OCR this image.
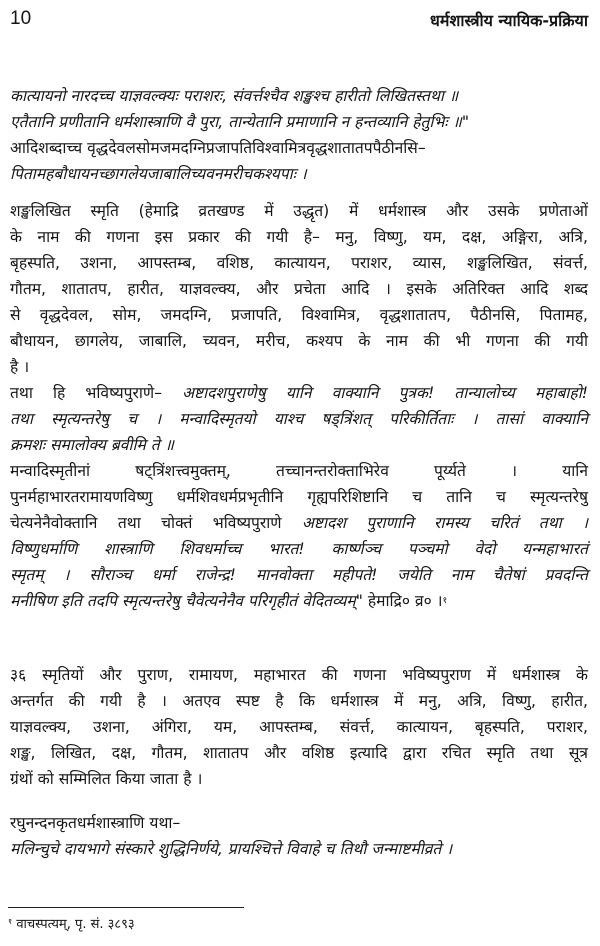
10	धर्मशास्त्रीय न्यायिक-प्रक्रिया
कात्यायनो नारदच्च याज्ञवल्क्यः पराशरः, संवर्त्तश्चैव शङ्खश्च हारीतो लिखितस्तथा ॥
एतैतानि प्रणीतानि धर्मशास्त्राणि वै पुरा, तान्येतानि प्रमाणानि न हन्तव्यानि हेतुभिः ॥"
आदिशब्दाच्च वृद्धदेवलसोमजमदग्निप्रजापतिविश्वामित्रवृद्धशातातपपैठीनसि–
पितामहबौधायनच्छागलेयजाबालिच्यवनमरीचकश्यपाः ।
शङ्खलिखित स्मृति (हेमाद्रि व्रतखण्ड में उद्धृत) में धर्मशास्त्र और उसके प्रणेताओं
के नाम की गणना इस प्रकार की गयी है– मनु, विष्णु, यम, दक्ष, अङ्गिरा, अत्रि,
बृहस्पति, उशना, आपस्तम्ब, वशिष्ठ, कात्यायन, पराशर, व्यास, शङ्खलिखित, संवर्त्त,
गौतम, शातातप, हारीत, याज्ञवल्क्य, और प्रचेता आदि । इसके अतिरिक्त आदि शब्द
से वृद्धदेवल, सोम, जमदग्नि, प्रजापति, विश्वामित्र, वृद्धशातातप, पैठीनसि, पितामह,
बौधायन, छागलेय, जाबालि, च्यवन, मरीच, कश्यप के नाम की भी गणना की गयी
है ।
तथा हि भविष्यपुराणे– अष्टादशपुराणेषु यानि वाक्यानि पुत्रक! तान्यालोच्य महाबाहो!
तथा स्मृत्यन्तरेषु च । मन्वादिस्मृतयो याश्च षड्त्रिंशत् परिकीर्तिताः । तासां वाक्यानि
क्रमशः समालोक्य ब्रवीमि ते ॥
मन्वादिस्मृतीनां षट्त्रिंशत्त्वमुक्तम्, तच्चानन्तरोक्ताभिरेव पूर्य्यते । यानि
पुनर्महाभारतरामायणविष्णु धर्मशिवधर्मप्रभृतीनि गृह्यपरिशिष्टानि च तानि च स्मृत्यन्तरेषु
चेत्यनेनैवोक्तानि तथा चोक्तं भविष्यपुराणे अष्टादश पुराणानि रामस्य चरितं तथा ।
विष्णुधर्माणि शास्त्राणि शिवधर्माच्च भारत! कार्ष्णञ्च पञ्चमो वेदो यन्महाभारतं
स्मृतम् । सौराञ्च धर्मा राजेन्द्र! मानवोक्ता महीपते! जयेति नाम चैतेषां प्रवदन्ति
मनीषिण इति तदपि स्मृत्यन्तरेषु चैवेत्यनेनैव परिगृहीतं वेदितव्यम्" हेमाद्रि० व्र० ।$^१$
३६ स्मृतियों और पुराण, रामायण, महाभारत की गणना भविष्यपुराण में धर्मशास्त्र के
अन्तर्गत की गयी है । अतएव स्पष्ट है कि धर्मशास्त्र में मनु, अत्रि, विष्णु, हारीत,
याज्ञवल्क्य, उशना, अंगिरा, यम, आपस्तम्ब, संवर्त्त, कात्यायन, बृहस्पति, पराशर,
शङ्ख, लिखित, दक्ष, गौतम, शातातप और वशिष्ठ इत्यादि द्वारा रचित स्मृति तथा सूत्र
ग्रंथों को सम्मिलित किया जाता है ।
रघुनन्दनकृतधर्मशास्त्राणि यथा–
मलिन्चुचे दायभागे संस्कारे शुद्धिनिर्णये, प्रायश्चित्ते विवाहे च तिथौ जन्माष्टमीव्रते ।
$^१$ वाचस्पत्यम्, पृ. सं. ३८९३
